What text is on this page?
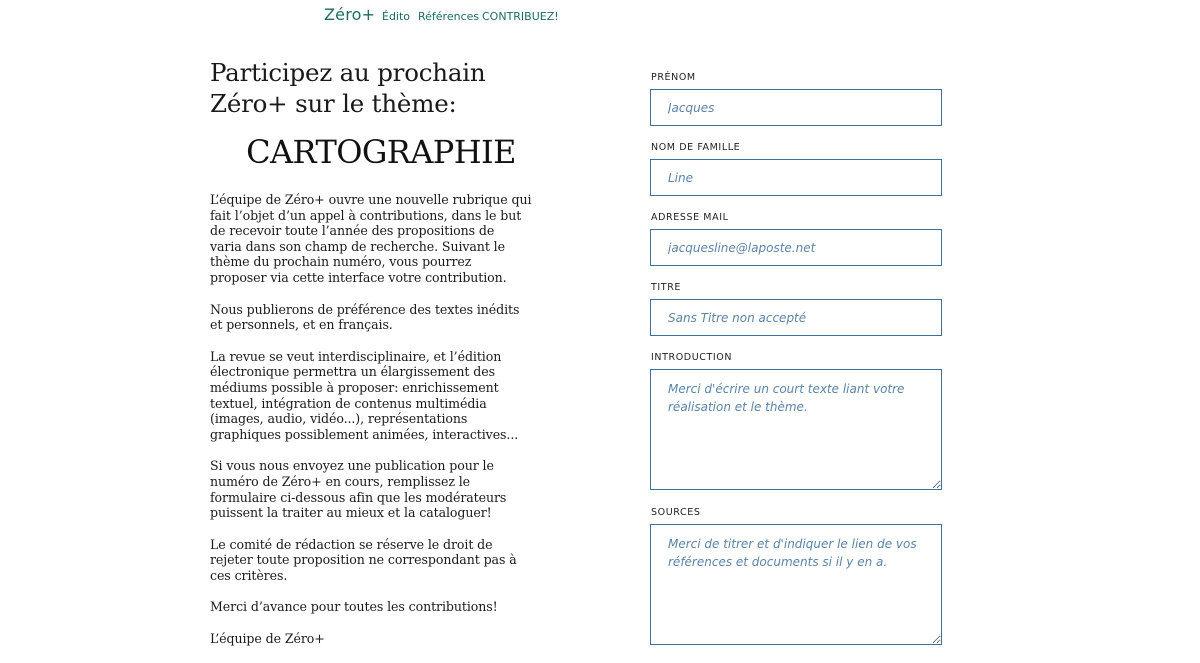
Zéro+ Édito Références CONTRIBUEZ!
Participez au prochain Zéro+ sur le thème:
CARTOGRAPHIE

L’équipe de Zéro+ ouvre une nouvelle rubrique qui
fait l’objet d’un appel à contributions, dans le but
de recevoir toute l’année des propositions de
varia dans son champ de recherche. Suivant le
thème du prochain numéro, vous pourrez
proposer via cette interface votre contribution.

Nous publierons de préférence des textes inédits
et personnels, et en français.

La revue se veut interdisciplinaire, et l’édition
électronique permettra un élargissement des
médiums possible à proposer: enrichissement
textuel, intégration de contenus multimédia
(images, audio, vidéo...), représentations
graphiques possiblement animées, interactives...

Si vous nous envoyez une publication pour le
numéro de Zéro+ en cours, remplissez le
formulaire ci-dessous afin que les modérateurs
puissent la traiter au mieux et la cataloguer!

Le comité de rédaction se réserve le droit de
rejeter toute proposition ne correspondant pas à
ces critères.

Merci d’avance pour toutes les contributions!

L’équipe de Zéro+

PRÉNOM
Jacques
NOM DE FAMILLE
Line
ADRESSE MAIL
jacquesline@laposte.net
TITRE
Sans Titre non accepté
INTRODUCTION
Merci d'écrire un court texte liant votre réalisation et le thème.
SOURCES
Merci de titrer et d'indiquer le lien de vos références et documents si il y en a.
